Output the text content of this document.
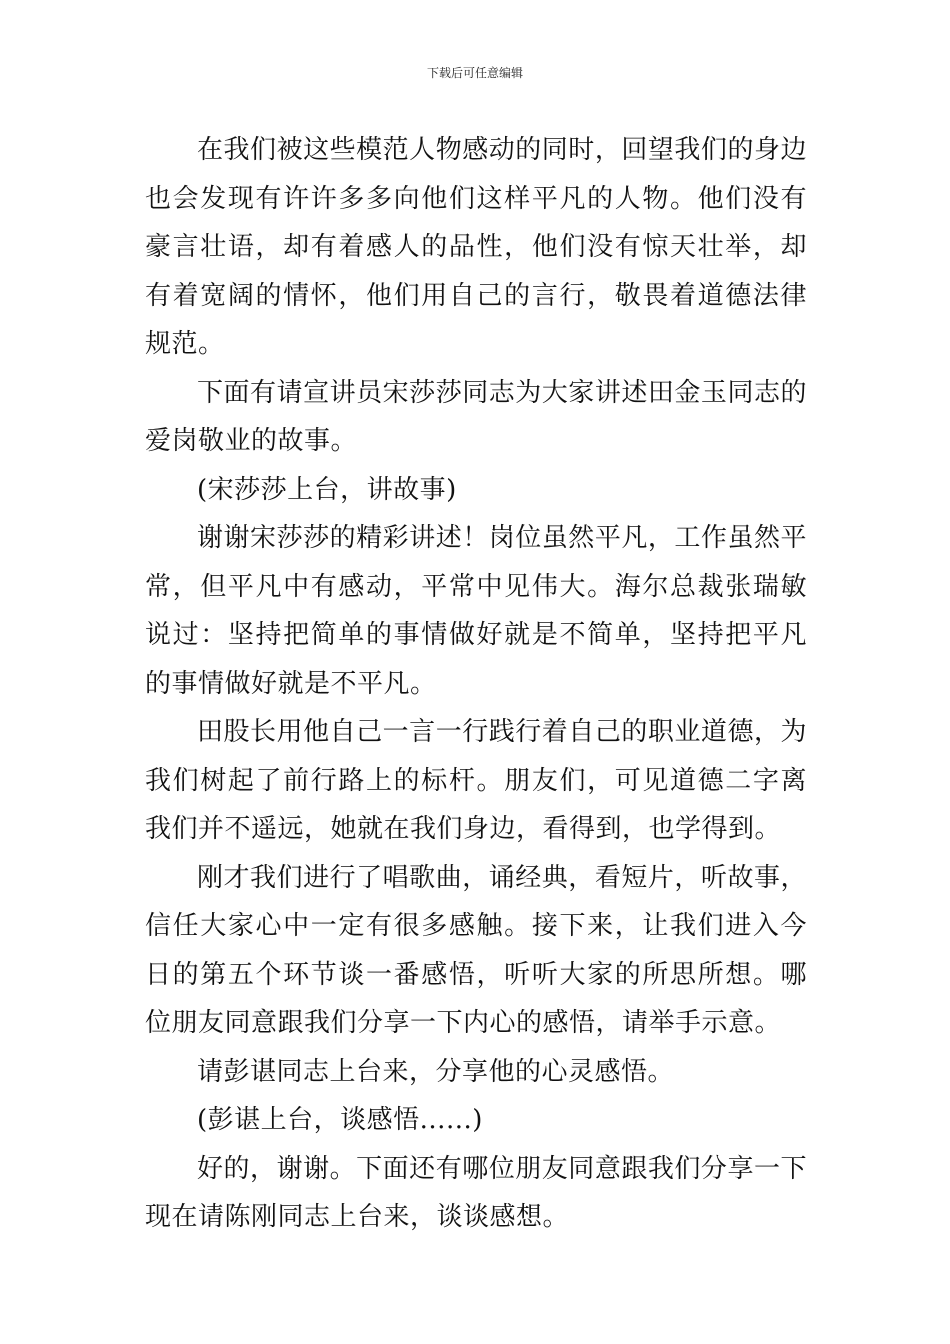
下载后可任意编辑

在我们被这些模范人物感动的同时，回望我们的身边也会发现有许许多多向他们这样平凡的人物。他们没有豪言壮语，却有着感人的品性，他们没有惊天壮举，却有着宽阔的情怀，他们用自己的言行，敬畏着道德法律规范。

下面有请宣讲员宋莎莎同志为大家讲述田金玉同志的爱岗敬业的故事。

(宋莎莎上台，讲故事)

谢谢宋莎莎的精彩讲述！岗位虽然平凡，工作虽然平常，但平凡中有感动，平常中见伟大。海尔总裁张瑞敏说过：坚持把简单的事情做好就是不简单，坚持把平凡的事情做好就是不平凡。

田股长用他自己一言一行践行着自己的职业道德，为我们树起了前行路上的标杆。朋友们，可见道德二字离我们并不遥远，她就在我们身边，看得到，也学得到。

刚才我们进行了唱歌曲，诵经典，看短片，听故事，信任大家心中一定有很多感触。接下来，让我们进入今日的第五个环节谈一番感悟，听听大家的所思所想。哪位朋友同意跟我们分享一下内心的感悟，请举手示意。

请彭谌同志上台来，分享他的心灵感悟。

(彭谌上台，谈感悟......)

好的，谢谢。下面还有哪位朋友同意跟我们分享一下现在请陈刚同志上台来，谈谈感想。
